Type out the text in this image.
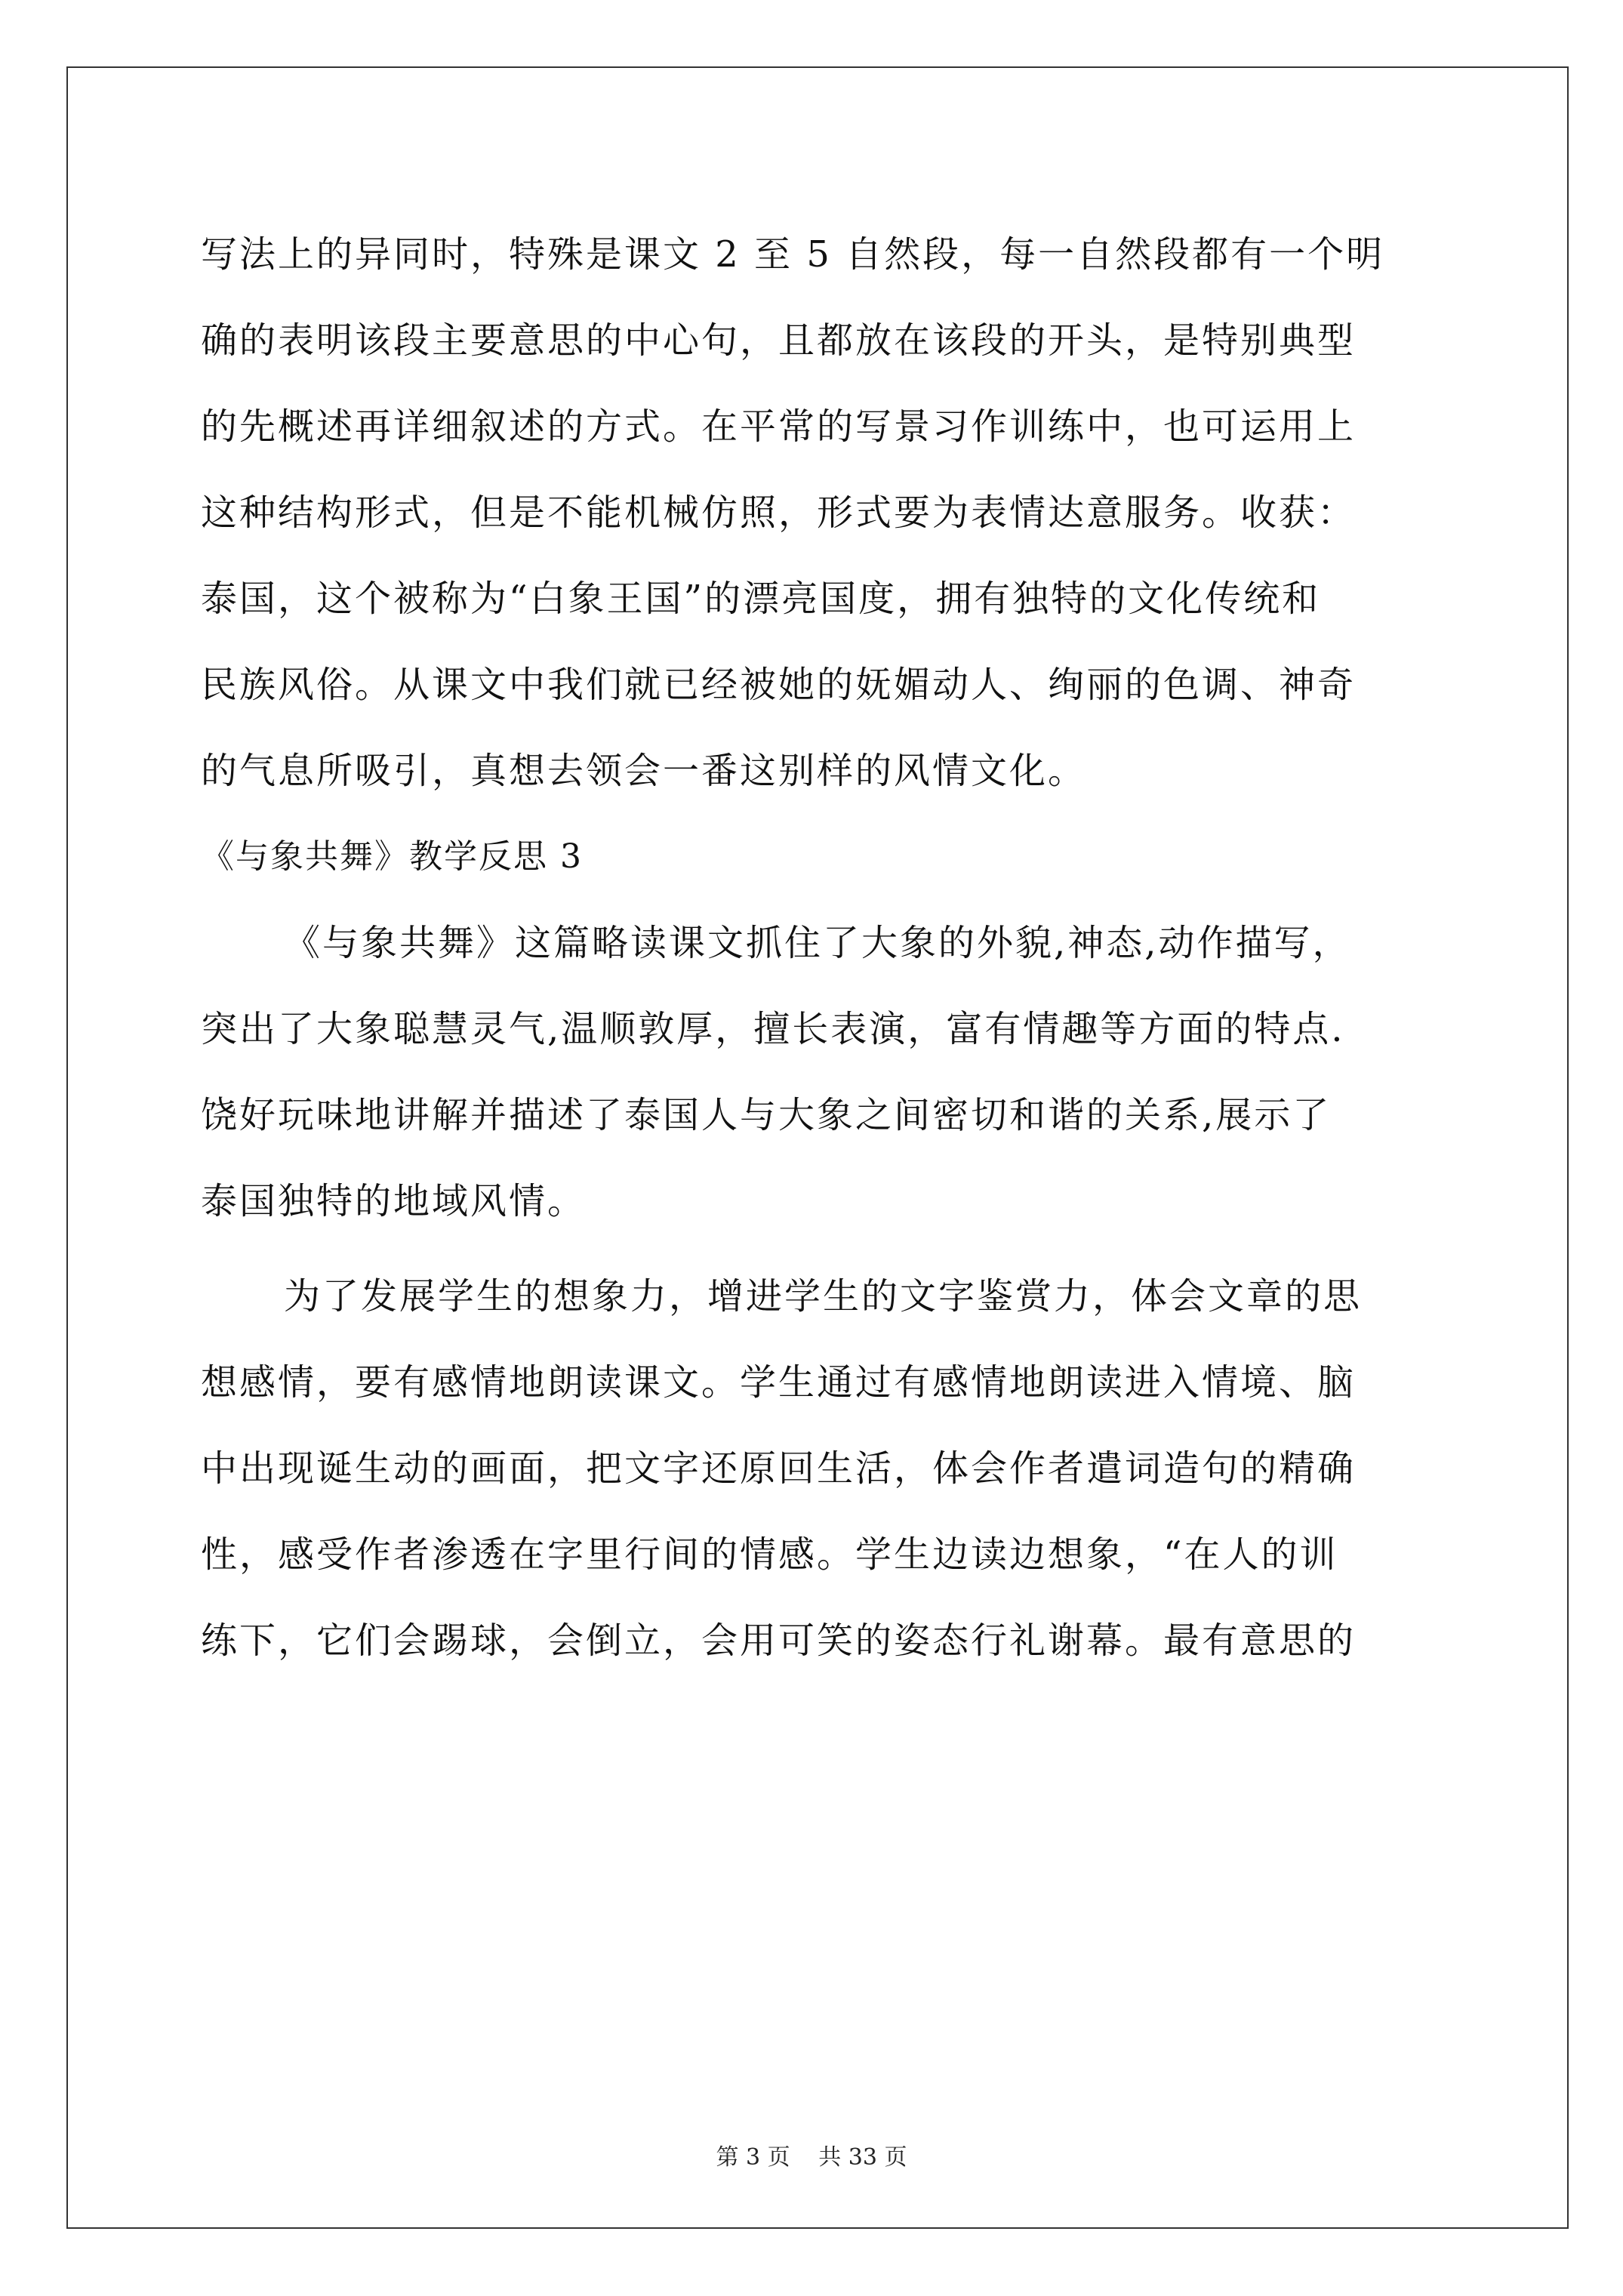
写法上的异同时，特殊是课文 2 至 5 自然段，每一自然段都有一个明
确的表明该段主要意思的中心句，且都放在该段的开头，是特别典型
的先概述再详细叙述的方式。在平常的写景习作训练中，也可运用上
这种结构形式，但是不能机械仿照，形式要为表情达意服务。收获：
泰国，这个被称为“白象王国”的漂亮国度，拥有独特的文化传统和
民族风俗。从课文中我们就已经被她的妩媚动人、绚丽的色调、神奇
的气息所吸引，真想去领会一番这别样的风情文化。
《与象共舞》教学反思 3
《与象共舞》这篇略读课文抓住了大象的外貌,神态,动作描写，
突出了大象聪慧灵气,温顺敦厚，擅长表演，富有情趣等方面的特点.
饶好玩味地讲解并描述了泰国人与大象之间密切和谐的关系,展示了
泰国独特的地域风情。
为了发展学生的想象力，增进学生的文字鉴赏力，体会文章的思
想感情，要有感情地朗读课文。学生通过有感情地朗读进入情境、脑
中出现诞生动的画面，把文字还原回生活，体会作者遣词造句的精确
性，感受作者渗透在字里行间的情感。学生边读边想象，“在人的训
练下，它们会踢球，会倒立，会用可笑的姿态行礼谢幕。最有意思的
第 3 页 共 33 页
